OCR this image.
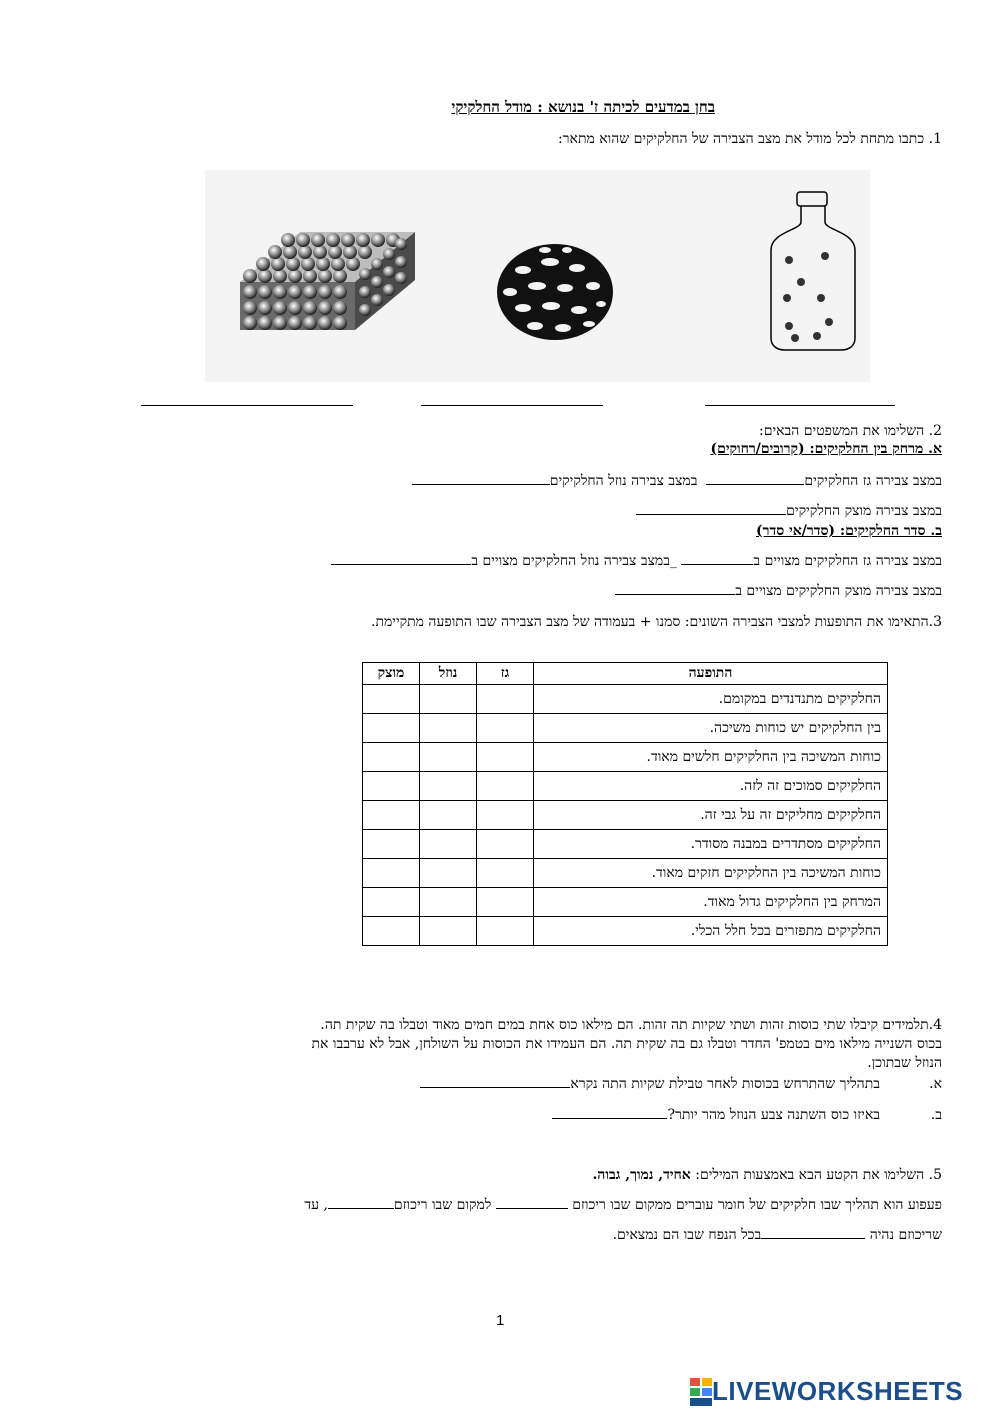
בחן במדעים לכיתה ז' בנושא : מודל החלקיקי
1. כתבו מתחת לכל מודל את מצב הצבירה של החלקיקים שהוא מתאר:
2. השלימו את המשפטים הבאים:
א. מרחק בין החלקיקים: (קרובים/רחוקים)
במצב צבירה גז החלקיקים  במצב צבירה נוזל החלקיקים
במצב צבירה מוצק החלקיקים
ב. סדר החלקיקים: (סדר/אי סדר)
במצב צבירה גז החלקיקים מצויים ב _במצב צבירה נוזל החלקיקים מצויים ב
במצב צבירה מוצק החלקיקים מצויים ב
3.התאימו את התופעות למצבי הצבירה השונים: סמנו + בעמודה של מצב הצבירה שבו התופעה מתקיימת.
התופעה	גז	נוזל	מוצק
החלקיקים מתנדנדים במקומם.			
בין החלקיקים יש כוחות משיכה.			
כוחות המשיכה בין החלקיקים חלשים מאוד.			
החלקיקים סמוכים זה לזה.			
החלקיקים מחליקים זה על גבי זה.			
החלקיקים מסתדרים במבנה מסודר.			
כוחות המשיכה בין החלקיקים חזקים מאוד.			
המרחק בין החלקיקים גדול מאוד.			
החלקיקים מתפזרים בכל חלל הכלי.			
4.תלמידים קיבלו שתי כוסות זהות ושתי שקיות תה זהות. הם מילאו כוס אחת במים חמים מאוד וטבלו בה שקית תה.
בכוס השנייה מילאו מים בטמפ' החדר וטבלו גם בה שקית תה. הם העמידו את הכוסות על השולחן, אבל לא ערבבו את
הנוזל שבתוכן.
א.
בתהליך שהתרחש בכוסות לאחר טבילת שקיות התה נקרא
ב.
באיזו כוס השתנה צבע הנוזל מהר יותר?
5. השלימו את הקטע הבא באמצעות המילים: אחיד, נמוך, גבוה.
פעפוע הוא תהליך שבו חלקיקים של חומר עוברים ממקום שבו ריכוזם  למקום שבו ריכוזם, עד
שריכוזם נהיה בכל הנפח שבו הם נמצאים.
1
LIVEWORKSHEETS
